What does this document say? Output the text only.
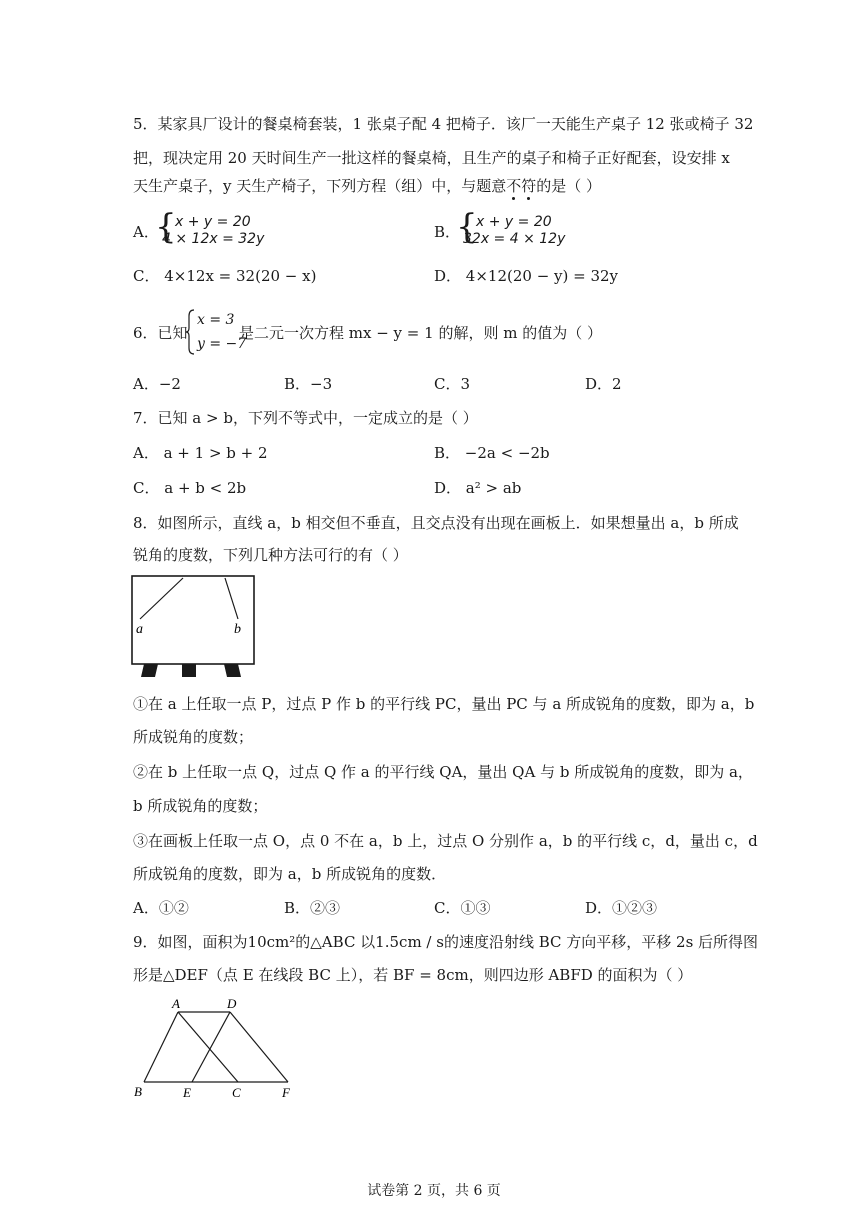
5．某家具厂设计的餐桌椅套装，1 张桌子配 4 把椅子．该厂一天能生产桌子 12 张或椅子 32
把，现决定用 20 天时间生产一批这样的餐桌椅，且生产的桌子和椅子正好配套，设安排 x
天生产桌子，y 天生产椅子，下列方程（组）中，与题意不符的是（ ）
A．
{
x + y = 20
4 × 12x = 32y	B．
{
x + y = 20
32x = 4 × 12y
C． 4×12x = 32(20 − x)	D． 4×12(20 − y) = 32y
6．已知
x = 3
y = −7
是二元一次方程 mx − y = 1 的解，则 m 的值为（ ）
A．−2	B．−3	C．3	D．2
7．已知 a > b，下列不等式中，一定成立的是（ ）
A． a + 1 > b + 2	B． −2a < −2b
C． a + b < 2b	D． a² > ab
8．如图所示，直线 a，b 相交但不垂直，且交点没有出现在画板上．如果想量出 a，b 所成
锐角的度数，下列几种方法可行的有（ ）
a	b
①在 a 上任取一点 P，过点 P 作 b 的平行线 PC，量出 PC 与 a 所成锐角的度数，即为 a，b
所成锐角的度数；
②在 b 上任取一点 Q，过点 Q 作 a 的平行线 QA，量出 QA 与 b 所成锐角的度数，即为 a，
b 所成锐角的度数；
③在画板上任取一点 O，点 0 不在 a，b 上，过点 O 分别作 a，b 的平行线 c，d，量出 c，d
所成锐角的度数，即为 a，b 所成锐角的度数．
A．①②	B．②③	C．①③	D．①②③
9．如图，面积为10cm²的△ABC 以1.5cm / s的速度沿射线 BC 方向平移，平移 2s 后所得图
形是△DEF（点 E 在线段 BC 上），若 BF = 8cm，则四边形 ABFD 的面积为（ ）
A	D
B	E	C	F
试卷第 2 页，共 6 页
